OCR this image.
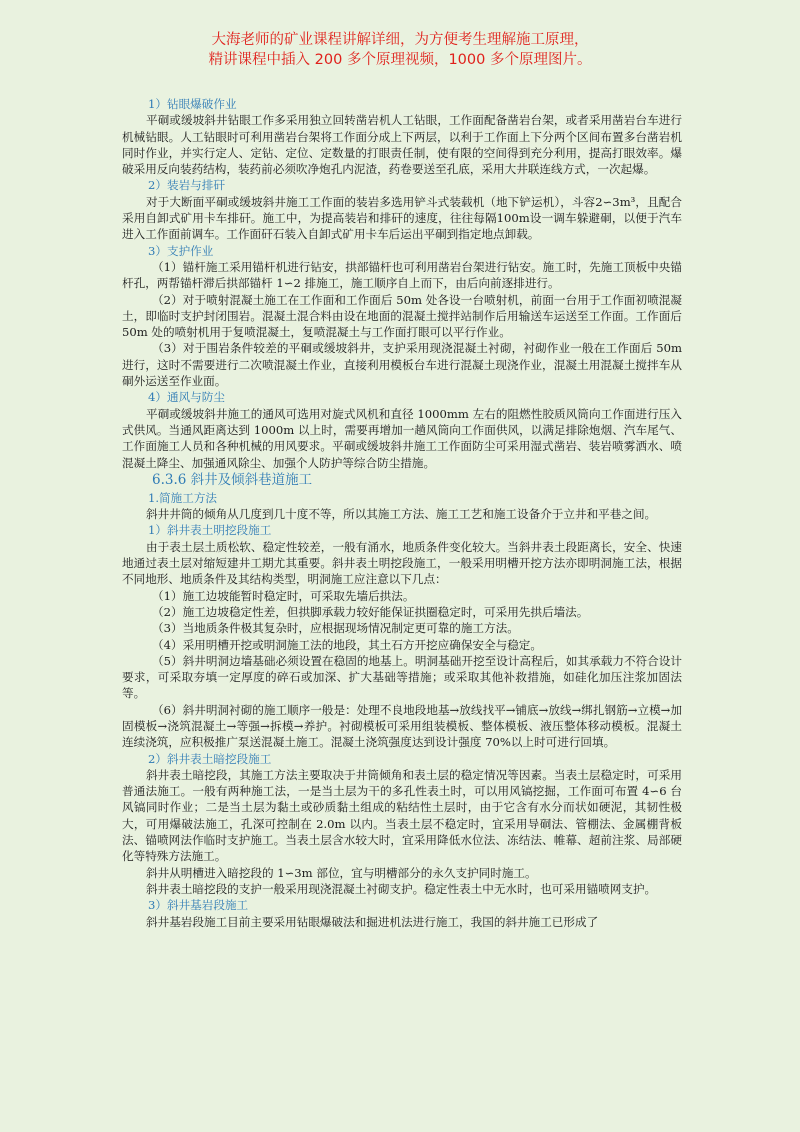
大海老师的矿业课程讲解详细，为方便考生理解施工原理，
精讲课程中插入 200 多个原理视频，1000 多个原理图片。

1）钻眼爆破作业

平硐或缓坡斜井钻眼工作多采用独立回转凿岩机人工钻眼，工作面配备凿岩台架，或者采用凿岩台车进行机械钻眼。人工钻眼时可利用凿岩台架将工作面分成上下两层，以利于工作面上下分两个区间布置多台凿岩机同时作业，并实行定人、定钻、定位、定数量的打眼责任制，使有限的空间得到充分利用，提高打眼效率。爆破采用反向装药结构，装药前必须吹净炮孔内泥渣，药卷要送至孔底，采用大井联连线方式，一次起爆。

2）装岩与排矸

对于大断面平硐或缓坡斜井施工工作面的装岩多选用铲斗式装载机（地下铲运机），斗容2∽3m³，且配合采用自卸式矿用卡车排矸。施工中，为提高装岩和排矸的速度，往往每隔100m设一调车躲避硐，以便于汽车进入工作面前调车。工作面矸石装入自卸式矿用卡车后运出平硐到指定地点卸载。

3）支护作业

（1）锚杆施工采用锚杆机进行钻安，拱部锚杆也可利用凿岩台架进行钻安。施工时，先施工顶板中央锚杆孔，两帮锚杆滞后拱部锚杆 1∽2 排施工，施工顺序自上而下，由后向前逐排进行。

（2）对于喷射混凝土施工在工作面和工作面后 50m 处各设一台喷射机，前面一台用于工作面初喷混凝土，即临时支护封闭围岩。混凝土混合料由设在地面的混凝土搅拌站制作后用输送车运送至工作面。工作面后 50m 处的喷射机用于复喷混凝土，复喷混凝土与工作面打眼可以平行作业。

（3）对于围岩条件较差的平硐或缓坡斜井，支护采用现浇混凝土衬砌，衬砌作业一般在工作面后 50m 进行，这时不需要进行二次喷混凝土作业，直接利用模板台车进行混凝土现浇作业，混凝土用混凝土搅拌车从硐外运送至作业面。

4）通风与防尘

平硐或缓坡斜井施工的通风可选用对旋式风机和直径 1000mm 左右的阻燃性胶质风筒向工作面进行压入式供风。当通风距离达到 1000m 以上时，需要再增加一趟风筒向工作面供风，以满足排除炮烟、汽车尾气、工作面施工人员和各种机械的用风要求。平硐或缓坡斜井施工工作面防尘可采用湿式凿岩、装岩喷雾洒水、喷混凝土降尘、加强通风除尘、加强个人防护等综合防尘措施。

6.3.6 斜井及倾斜巷道施工

1.简施工方法

斜井井筒的倾角从几度到几十度不等，所以其施工方法、施工工艺和施工设备介于立井和平巷之间。

1）斜井表土明挖段施工

由于表土层土质松软、稳定性较差，一般有涌水，地质条件变化较大。当斜井表土段距离长，安全、快速地通过表土层对缩短建井工期尤其重要。斜井表土明挖段施工，一般采用明槽开挖方法亦即明洞施工法，根据不同地形、地质条件及其结构类型，明洞施工应注意以下几点：

（1）施工边坡能暂时稳定时，可采取先墙后拱法。

（2）施工边坡稳定性差，但拱脚承载力较好能保证拱圈稳定时，可采用先拱后墙法。

（3）当地质条件极其复杂时，应根据现场情况制定更可靠的施工方法。

（4）采用明槽开挖或明洞施工法的地段，其土石方开挖应确保安全与稳定。

（5）斜井明洞边墙基础必须设置在稳固的地基上。明洞基础开挖至设计高程后，如其承载力不符合设计要求，可采取夯填一定厚度的碎石或加深、扩大基础等措施；或采取其他补救措施，如硅化加压注浆加固法等。

（6）斜井明洞衬砌的施工顺序一般是：处理不良地段地基→放线找平→铺底→放线→绑扎钢筋→立模→加固模板→浇筑混凝土→等强→拆模→养护。衬砌模板可采用组装模板、整体模板、液压整体移动模板。混凝土连续浇筑，应积极推广泵送混凝土施工。混凝土浇筑强度达到设计强度 70%以上时可进行回填。

2）斜井表土暗挖段施工

斜井表土暗挖段，其施工方法主要取决于井筒倾角和表土层的稳定情况等因素。当表土层稳定时，可采用普通法施工。一般有两种施工法，一是当土层为干的多孔性表土时，可以用风镐挖掘，工作面可布置 4∽6 台风镐同时作业；二是当土层为黏土或砂质黏土组成的粘结性土层时，由于它含有水分而状如硬泥，其韧性极大，可用爆破法施工，孔深可控制在 2.0m 以内。当表土层不稳定时，宜采用导硐法、管棚法、金属棚背板法、锚喷网法作临时支护施工。当表土层含水较大时，宜采用降低水位法、冻结法、帷幕、超前注浆、局部硬化等特殊方法施工。

斜井从明槽进入暗挖段的 1∽3m 部位，宜与明槽部分的永久支护同时施工。

斜井表土暗挖段的支护一般采用现浇混凝土衬砌支护。稳定性表土中无水时，也可采用锚喷网支护。

3）斜井基岩段施工

斜井基岩段施工目前主要采用钻眼爆破法和掘进机法进行施工，我国的斜井施工已形成了
